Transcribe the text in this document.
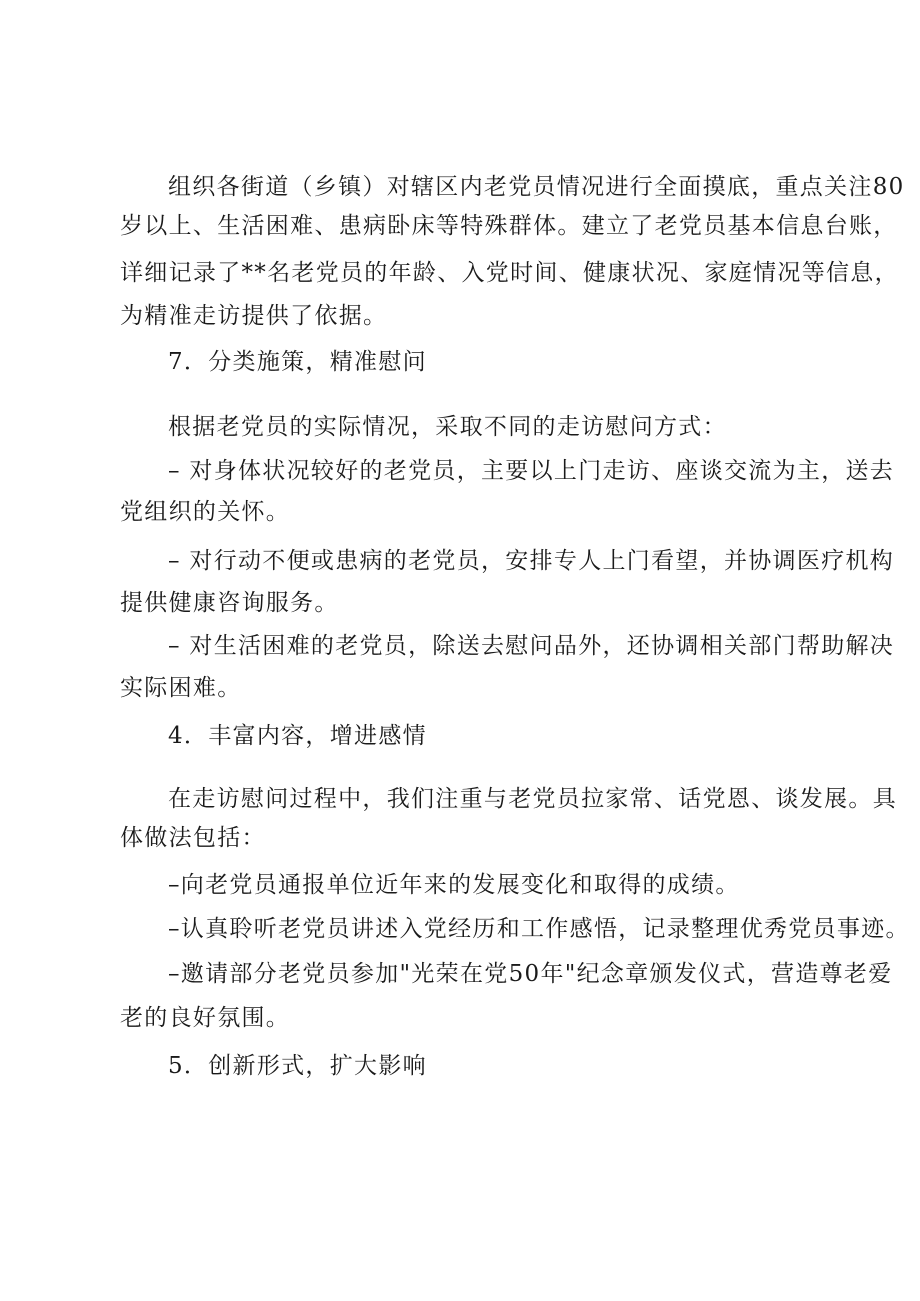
组织各街道（乡镇）对辖区内老党员情况进行全面摸底，重点关注80
岁以上、生活困难、患病卧床等特殊群体。建立了老党员基本信息台账，
详细记录了**名老党员的年龄、入党时间、健康状况、家庭情况等信息，
为精准走访提供了依据。
7．分类施策，精准慰问
根据老党员的实际情况，采取不同的走访慰问方式：
– 对身体状况较好的老党员，主要以上门走访、座谈交流为主，送去
党组织的关怀。
– 对行动不便或患病的老党员，安排专人上门看望，并协调医疗机构
提供健康咨询服务。
– 对生活困难的老党员，除送去慰问品外，还协调相关部门帮助解决
实际困难。
4．丰富内容，增进感情
在走访慰问过程中，我们注重与老党员拉家常、话党恩、谈发展。具
体做法包括：
–向老党员通报单位近年来的发展变化和取得的成绩。
–认真聆听老党员讲述入党经历和工作感悟，记录整理优秀党员事迹。
–邀请部分老党员参加"光荣在党50年"纪念章颁发仪式，营造尊老爱
老的良好氛围。
5．创新形式，扩大影响
